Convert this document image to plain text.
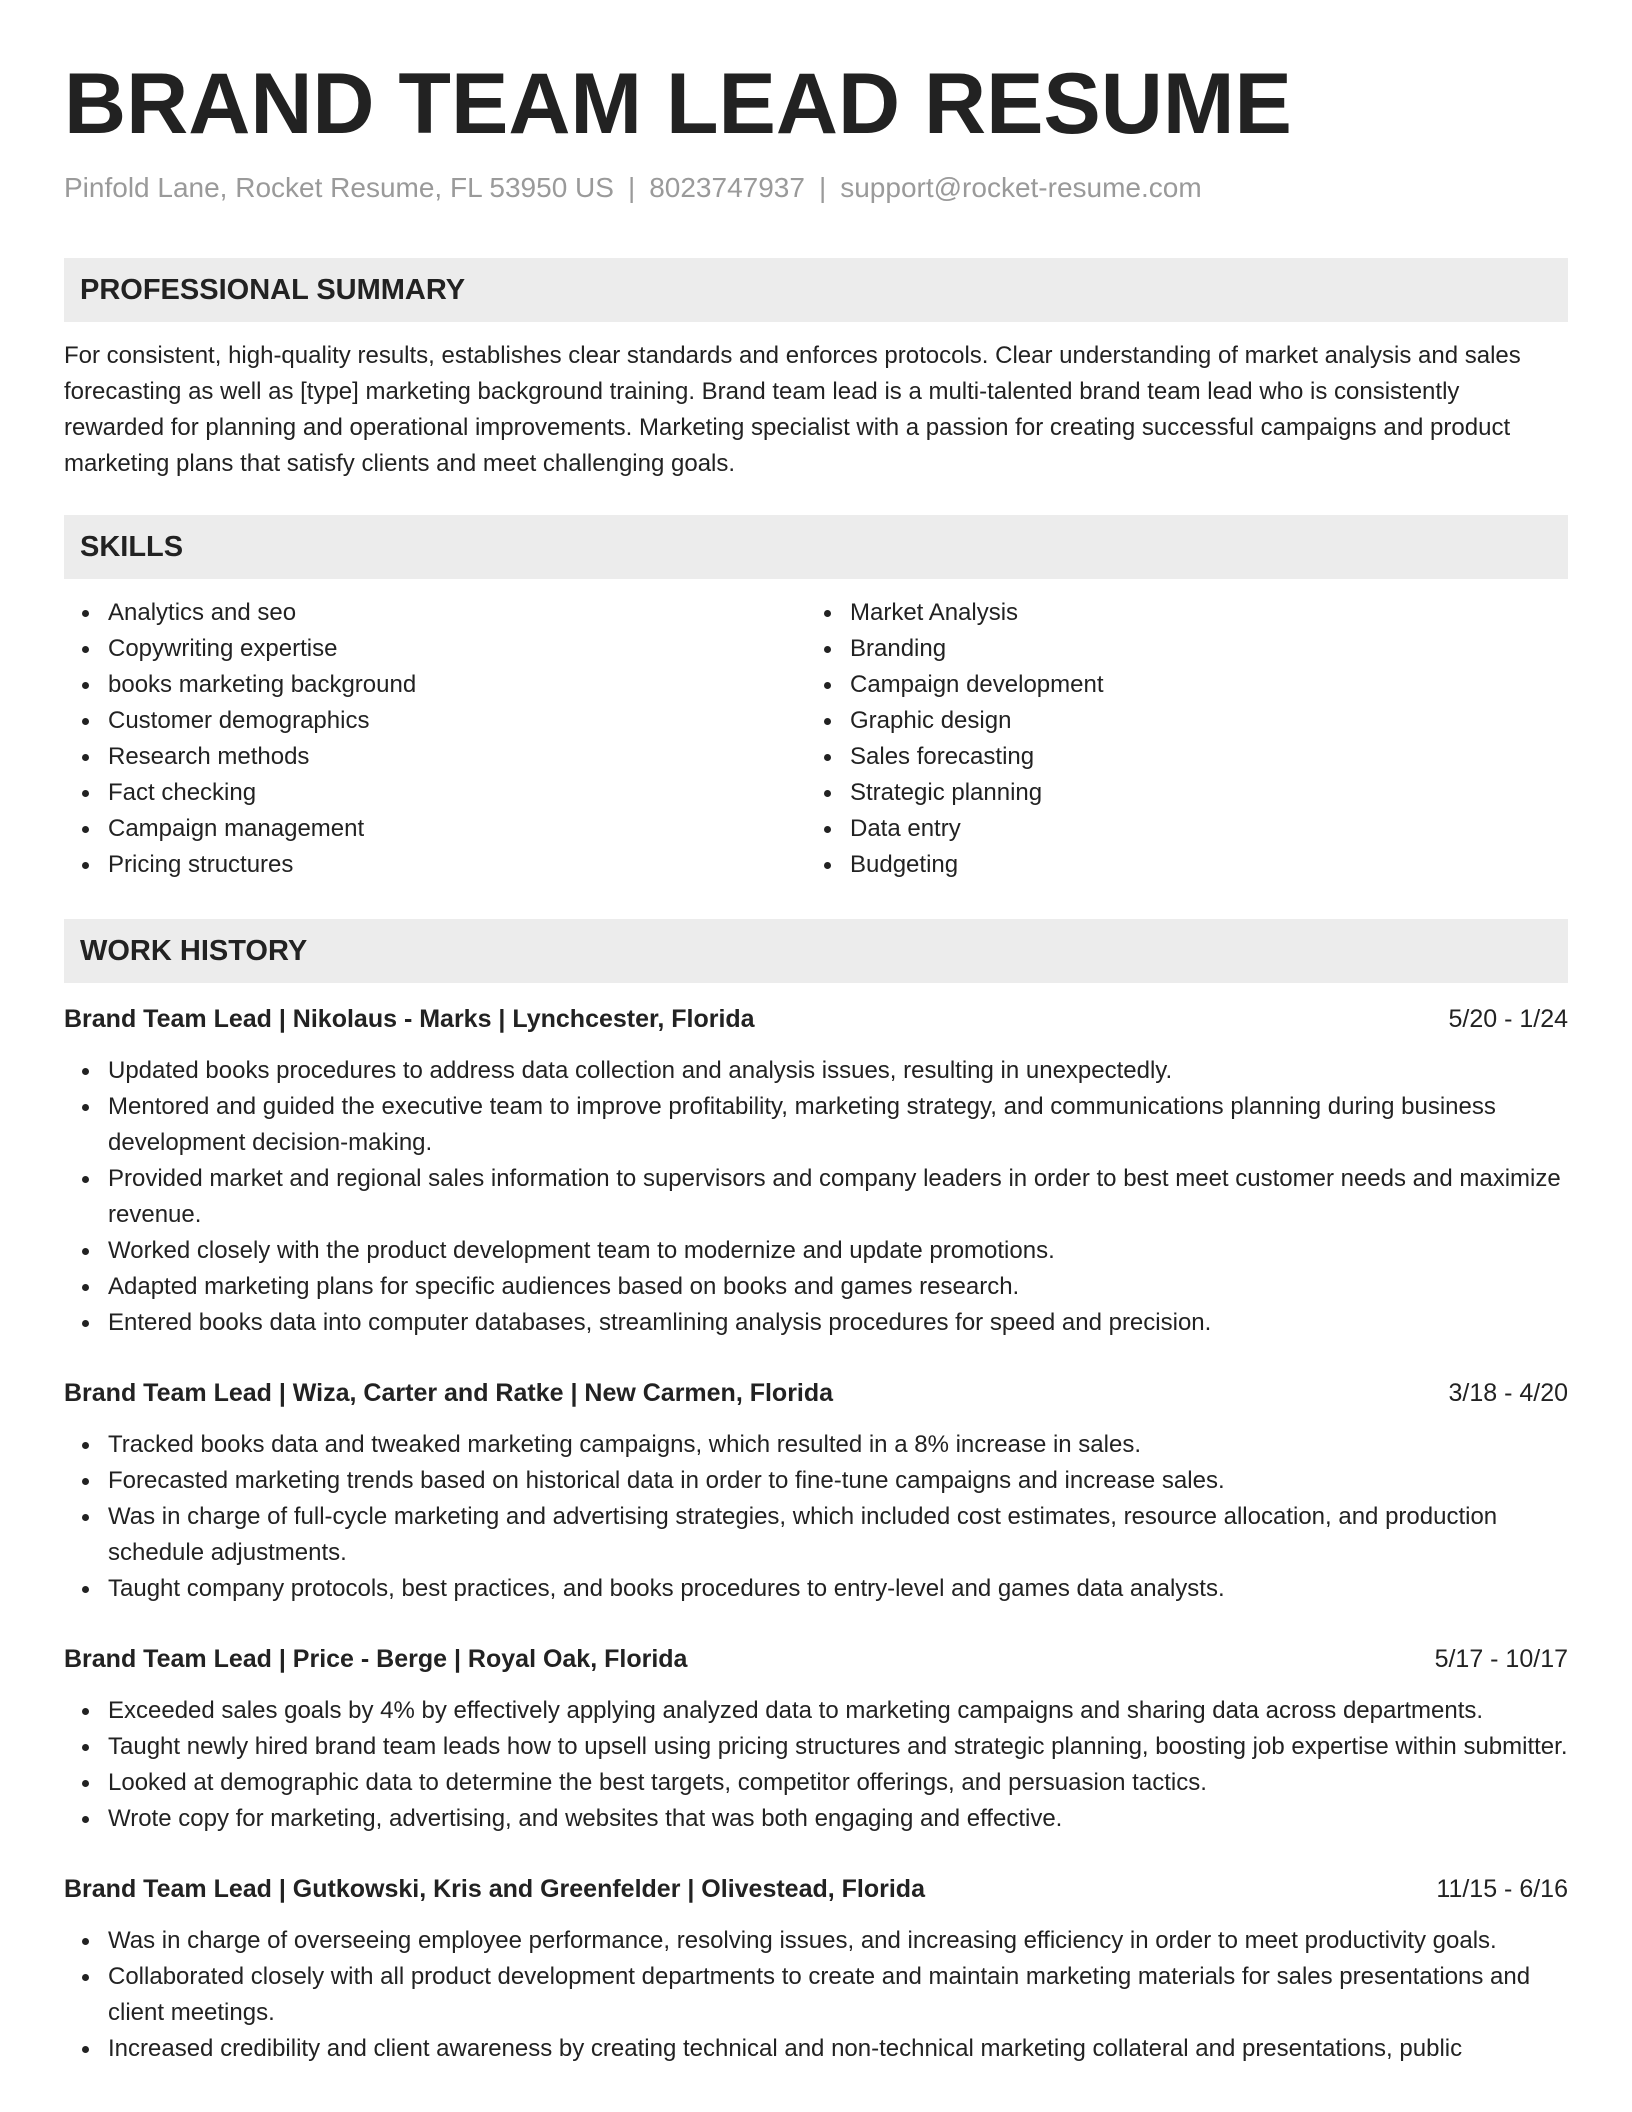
BRAND TEAM LEAD RESUME
Pinfold Lane, Rocket Resume, FL 53950 US | 8023747937 | support@rocket-resume.com
PROFESSIONAL SUMMARY
For consistent, high-quality results, establishes clear standards and enforces protocols. Clear understanding of market analysis and sales forecasting as well as [type] marketing background training. Brand team lead is a multi-talented brand team lead who is consistently rewarded for planning and operational improvements. Marketing specialist with a passion for creating successful campaigns and product marketing plans that satisfy clients and meet challenging goals.
SKILLS
Analytics and seo
Copywriting expertise
books marketing background
Customer demographics
Research methods
Fact checking
Campaign management
Pricing structures
Market Analysis
Branding
Campaign development
Graphic design
Sales forecasting
Strategic planning
Data entry
Budgeting
WORK HISTORY
Brand Team Lead | Nikolaus - Marks | Lynchcester, Florida	5/20 - 1/24
Updated books procedures to address data collection and analysis issues, resulting in unexpectedly.
Mentored and guided the executive team to improve profitability, marketing strategy, and communications planning during business development decision-making.
Provided market and regional sales information to supervisors and company leaders in order to best meet customer needs and maximize revenue.
Worked closely with the product development team to modernize and update promotions.
Adapted marketing plans for specific audiences based on books and games research.
Entered books data into computer databases, streamlining analysis procedures for speed and precision.
Brand Team Lead | Wiza, Carter and Ratke | New Carmen, Florida	3/18 - 4/20
Tracked books data and tweaked marketing campaigns, which resulted in a 8% increase in sales.
Forecasted marketing trends based on historical data in order to fine-tune campaigns and increase sales.
Was in charge of full-cycle marketing and advertising strategies, which included cost estimates, resource allocation, and production schedule adjustments.
Taught company protocols, best practices, and books procedures to entry-level and games data analysts.
Brand Team Lead | Price - Berge | Royal Oak, Florida	5/17 - 10/17
Exceeded sales goals by 4% by effectively applying analyzed data to marketing campaigns and sharing data across departments.
Taught newly hired brand team leads how to upsell using pricing structures and strategic planning, boosting job expertise within submitter.
Looked at demographic data to determine the best targets, competitor offerings, and persuasion tactics.
Wrote copy for marketing, advertising, and websites that was both engaging and effective.
Brand Team Lead | Gutkowski, Kris and Greenfelder | Olivestead, Florida	11/15 - 6/16
Was in charge of overseeing employee performance, resolving issues, and increasing efficiency in order to meet productivity goals.
Collaborated closely with all product development departments to create and maintain marketing materials for sales presentations and client meetings.
Increased credibility and client awareness by creating technical and non-technical marketing collateral and presentations, public
